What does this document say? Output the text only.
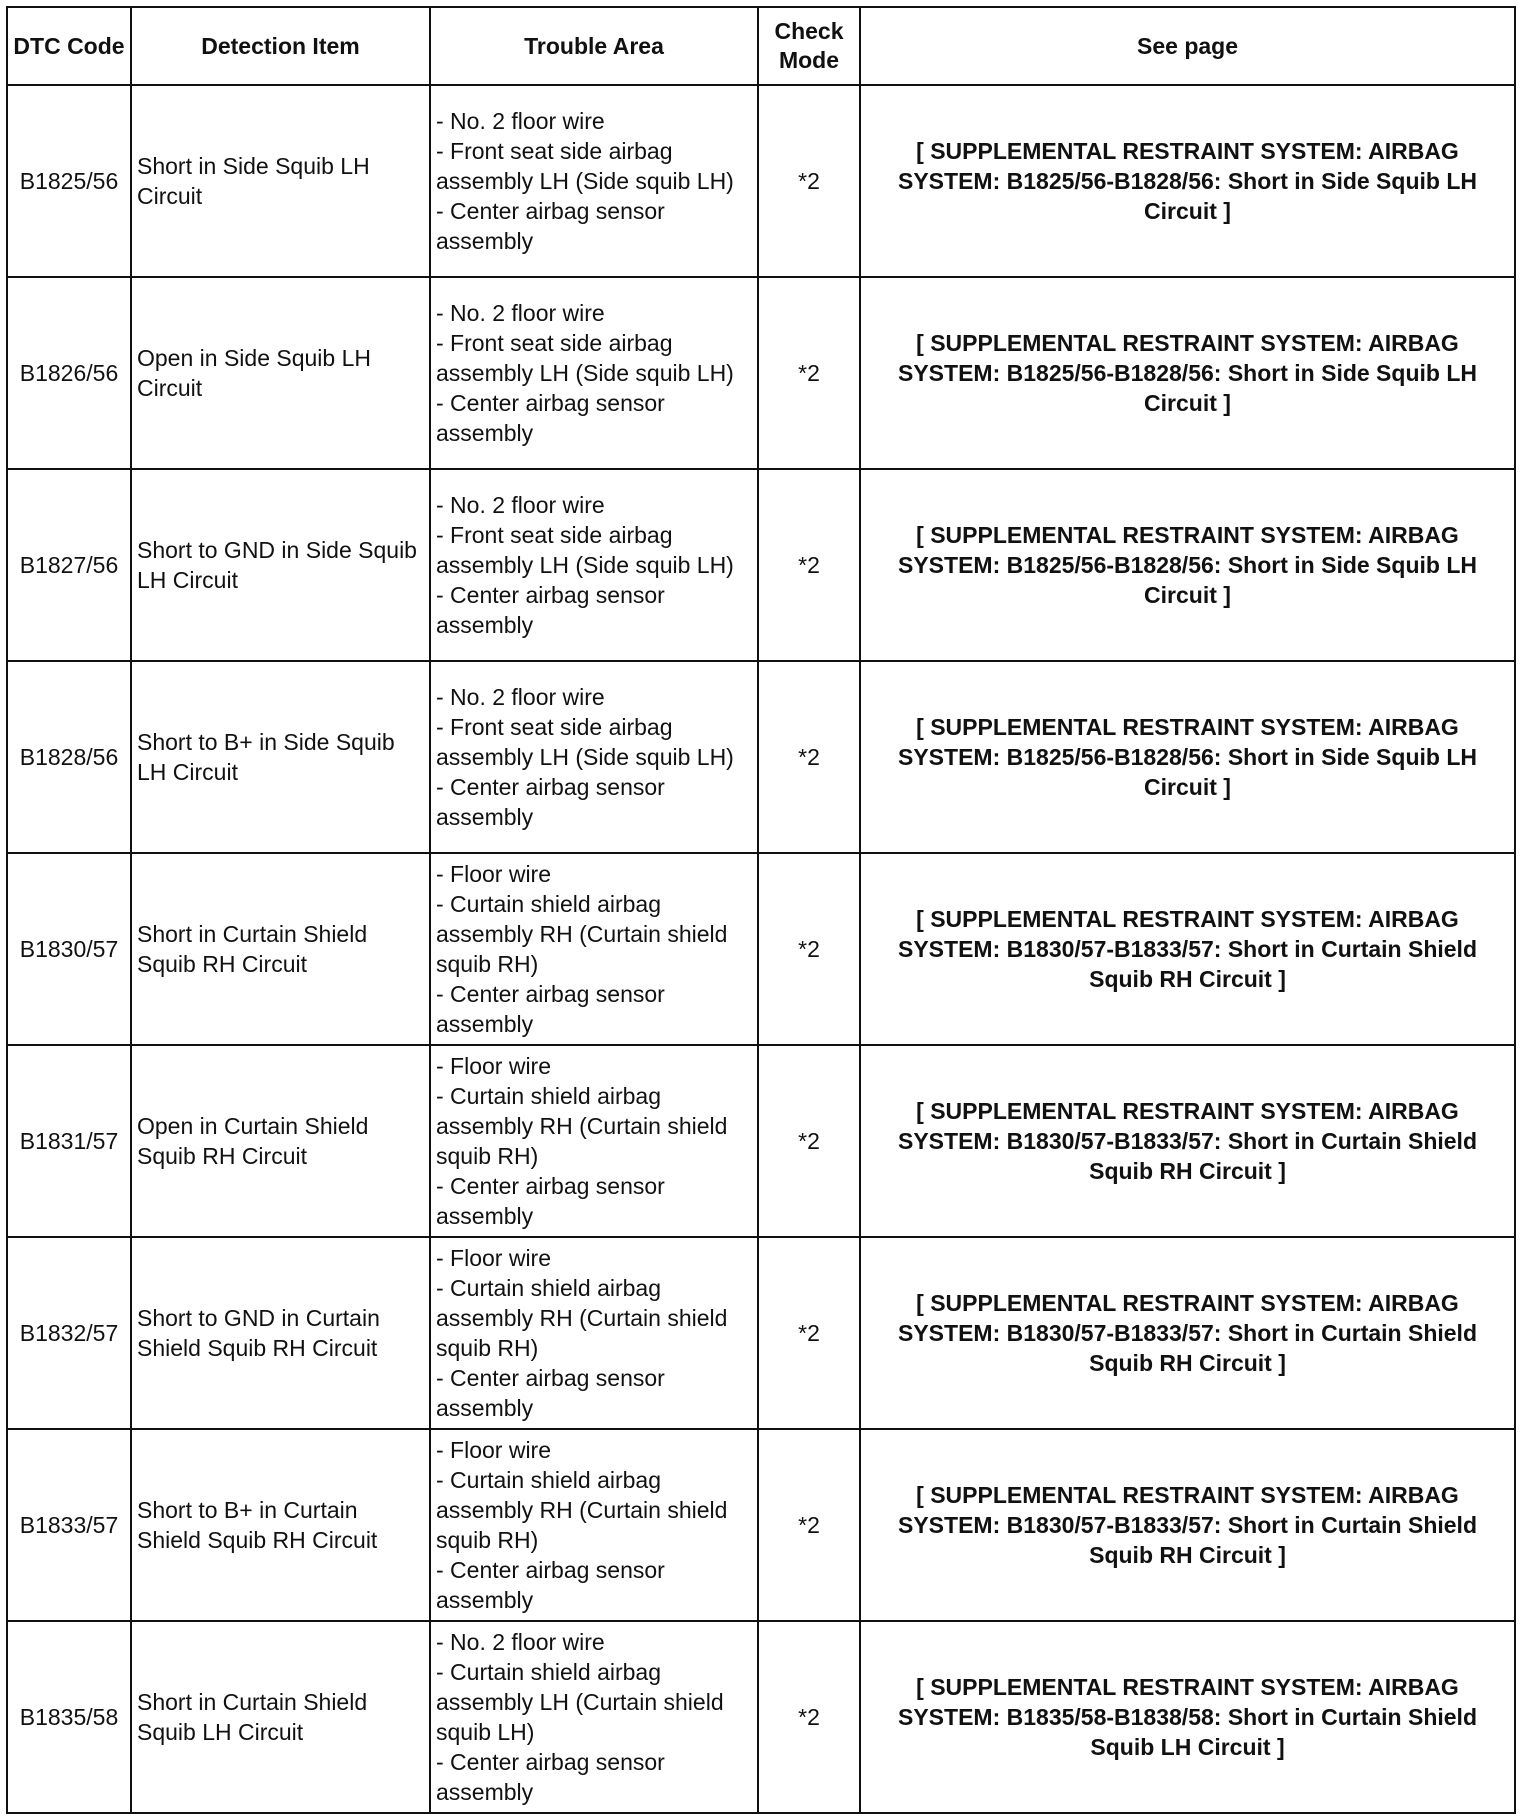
DTC Code	Detection Item	Trouble Area	Check Mode	See page
B1825/56	Short in Side Squib LH Circuit	- No. 2 floor wire
- Front seat side airbag assembly LH (Side squib LH)
- Center airbag sensor assembly	*2	[ SUPPLEMENTAL RESTRAINT SYSTEM: AIRBAG SYSTEM: B1825/56-B1828/56: Short in Side Squib LH Circuit ]
B1826/56	Open in Side Squib LH Circuit	- No. 2 floor wire
- Front seat side airbag assembly LH (Side squib LH)
- Center airbag sensor assembly	*2	[ SUPPLEMENTAL RESTRAINT SYSTEM: AIRBAG SYSTEM: B1825/56-B1828/56: Short in Side Squib LH Circuit ]
B1827/56	Short to GND in Side Squib LH Circuit	- No. 2 floor wire
- Front seat side airbag assembly LH (Side squib LH)
- Center airbag sensor assembly	*2	[ SUPPLEMENTAL RESTRAINT SYSTEM: AIRBAG SYSTEM: B1825/56-B1828/56: Short in Side Squib LH Circuit ]
B1828/56	Short to B+ in Side Squib LH Circuit	- No. 2 floor wire
- Front seat side airbag assembly LH (Side squib LH)
- Center airbag sensor assembly	*2	[ SUPPLEMENTAL RESTRAINT SYSTEM: AIRBAG SYSTEM: B1825/56-B1828/56: Short in Side Squib LH Circuit ]
B1830/57	Short in Curtain Shield Squib RH Circuit	- Floor wire
- Curtain shield airbag assembly RH (Curtain shield squib RH)
- Center airbag sensor assembly	*2	[ SUPPLEMENTAL RESTRAINT SYSTEM: AIRBAG SYSTEM: B1830/57-B1833/57: Short in Curtain Shield Squib RH Circuit ]
B1831/57	Open in Curtain Shield Squib RH Circuit	- Floor wire
- Curtain shield airbag assembly RH (Curtain shield squib RH)
- Center airbag sensor assembly	*2	[ SUPPLEMENTAL RESTRAINT SYSTEM: AIRBAG SYSTEM: B1830/57-B1833/57: Short in Curtain Shield Squib RH Circuit ]
B1832/57	Short to GND in Curtain Shield Squib RH Circuit	- Floor wire
- Curtain shield airbag assembly RH (Curtain shield squib RH)
- Center airbag sensor assembly	*2	[ SUPPLEMENTAL RESTRAINT SYSTEM: AIRBAG SYSTEM: B1830/57-B1833/57: Short in Curtain Shield Squib RH Circuit ]
B1833/57	Short to B+ in Curtain Shield Squib RH Circuit	- Floor wire
- Curtain shield airbag assembly RH (Curtain shield squib RH)
- Center airbag sensor assembly	*2	[ SUPPLEMENTAL RESTRAINT SYSTEM: AIRBAG SYSTEM: B1830/57-B1833/57: Short in Curtain Shield Squib RH Circuit ]
B1835/58	Short in Curtain Shield Squib LH Circuit	- No. 2 floor wire
- Curtain shield airbag assembly LH (Curtain shield squib LH)
- Center airbag sensor assembly	*2	[ SUPPLEMENTAL RESTRAINT SYSTEM: AIRBAG SYSTEM: B1835/58-B1838/58: Short in Curtain Shield Squib LH Circuit ]
